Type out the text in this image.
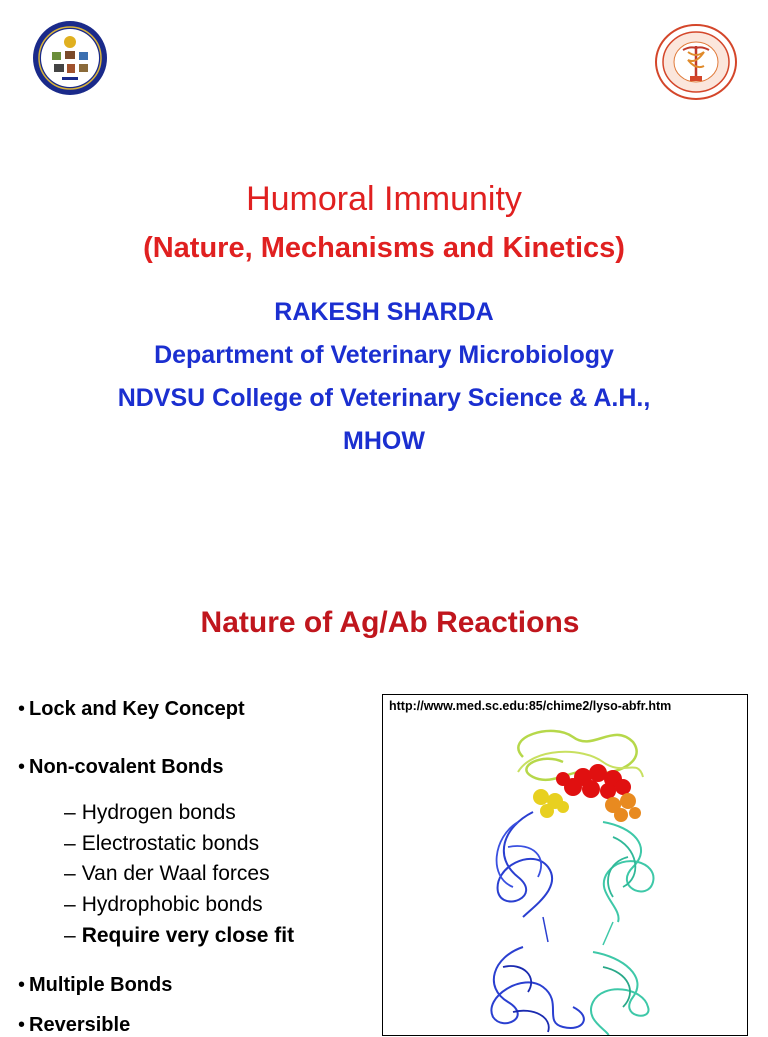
Humoral Immunity
(Nature, Mechanisms and Kinetics)
RAKESH SHARDA
Department of Veterinary Microbiology
NDVSU College of Veterinary Science & A.H.,
MHOW
Nature of Ag/Ab Reactions
• Lock and Key Concept
• Non-covalent Bonds
– Hydrogen bonds
– Electrostatic bonds
– Van der Waal forces
– Hydrophobic bonds
– Require very close fit
• Multiple Bonds
• Reversible
http://www.med.sc.edu:85/chime2/lyso-abfr.htm
